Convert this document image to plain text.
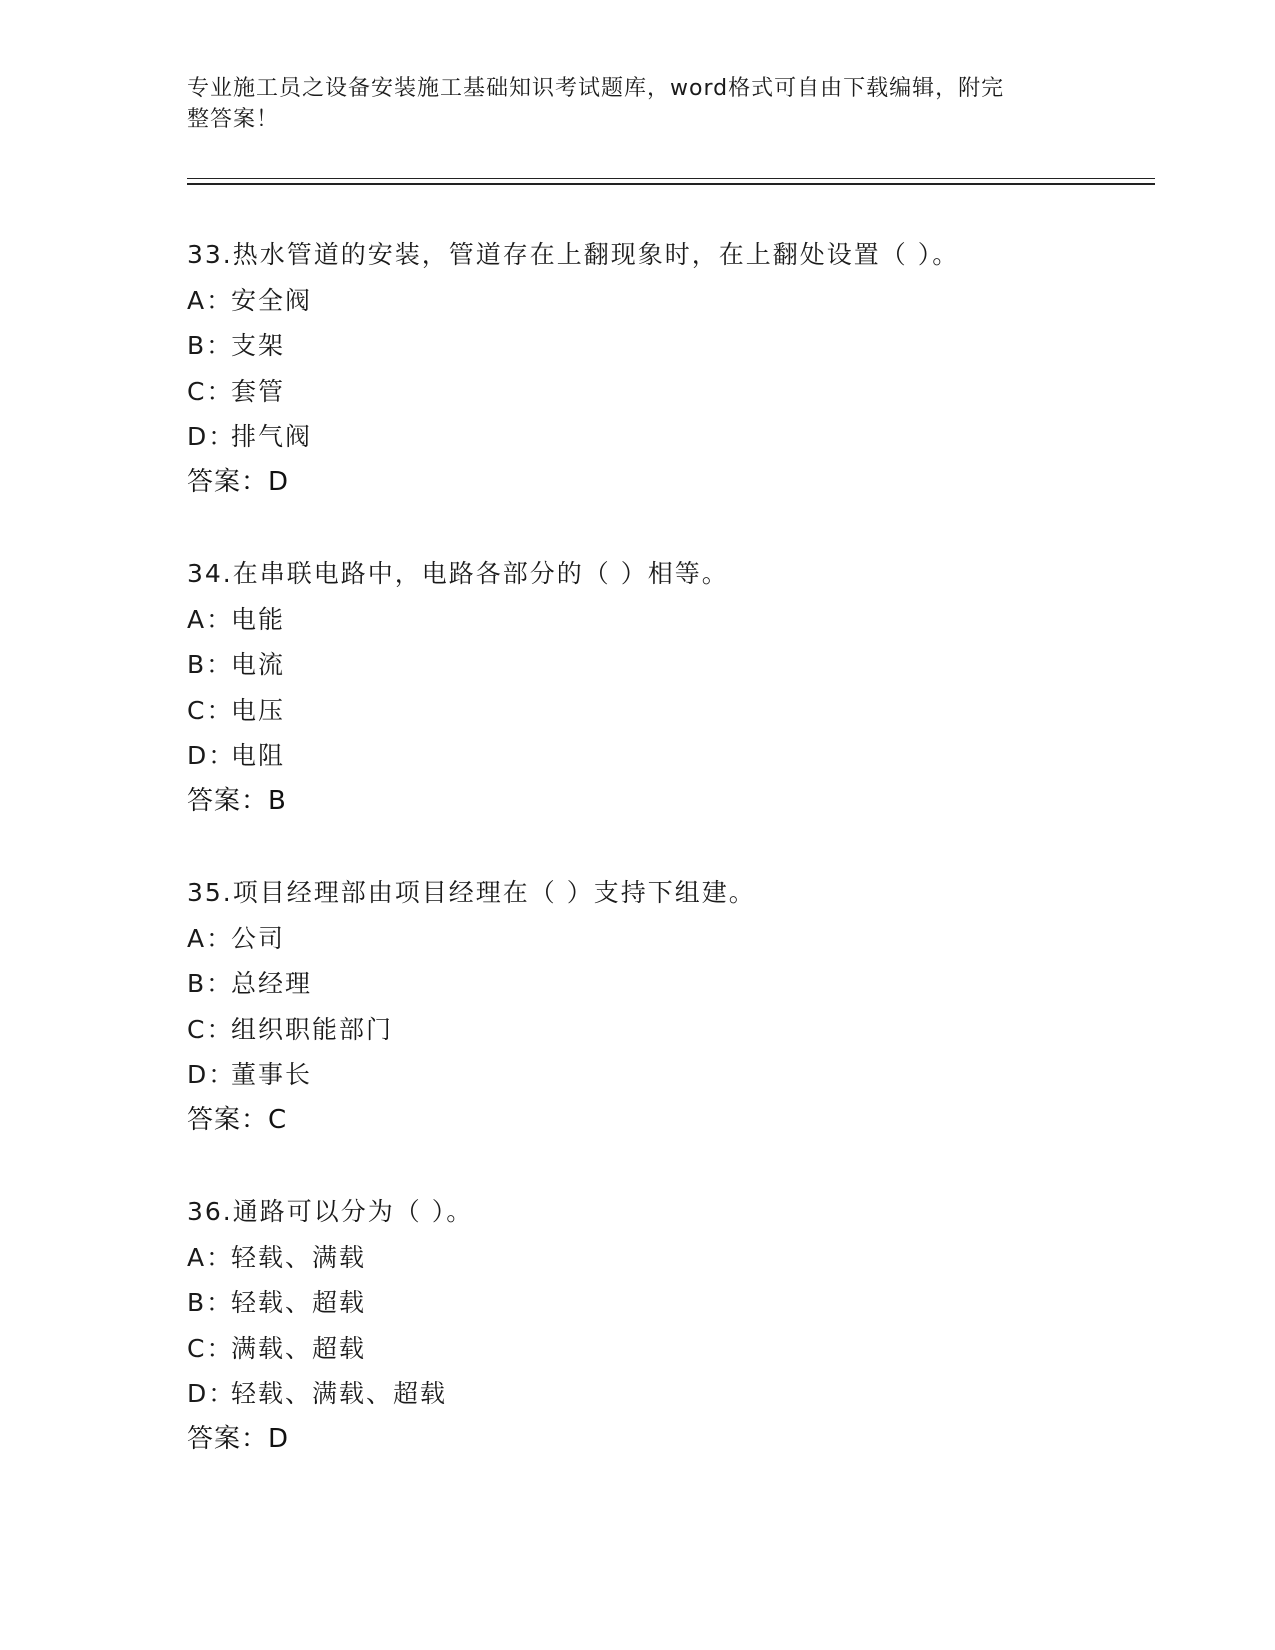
专业施工员之设备安装施工基础知识考试题库，word格式可自由下载编辑，附完
整答案！
33.热水管道的安装，管道存在上翻现象时，在上翻处设置（ ）。
A：安全阀
B：支架
C：套管
D：排气阀
答案：D
34.在串联电路中，电路各部分的（ ）相等。
A：电能
B：电流
C：电压
D：电阻
答案：B
35.项目经理部由项目经理在（ ）支持下组建。
A：公司
B：总经理
C：组织职能部门
D：董事长
答案：C
36.通路可以分为（ ）。
A：轻载、满载
B：轻载、超载
C：满载、超载
D：轻载、满载、超载
答案：D
